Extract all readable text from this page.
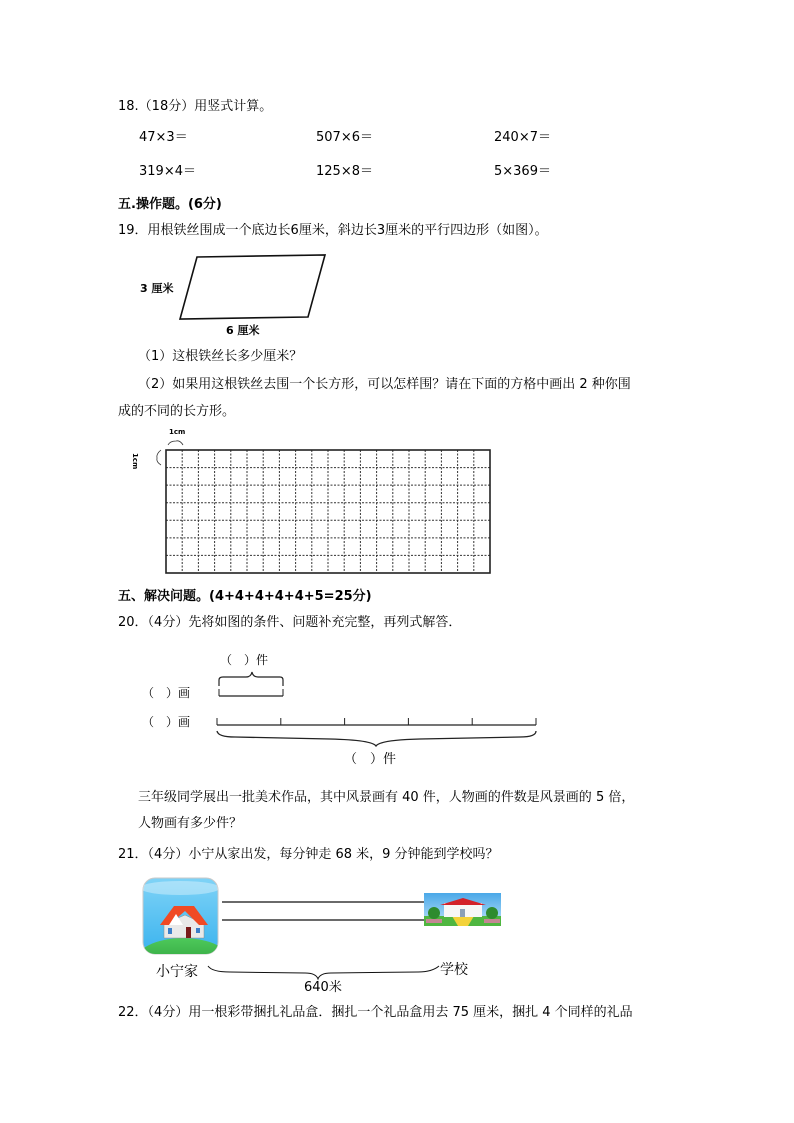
18.（18分）用竖式计算。
47×3＝	507×6＝	240×7＝
319×4＝	125×8＝	5×369＝
五.操作题。(6分)
19．用根铁丝围成一个底边长6厘米，斜边长3厘米的平行四边形（如图）。
3 厘米
6 厘米
（1）这根铁丝长多少厘米？
（2）如果用这根铁丝去围一个长方形，可以怎样围？请在下面的方格中画出 2 种你围
成的不同的长方形。
1cm
1cm
五、解决问题。(4+4+4+4+4+5=25分)
20．（4分）先将如图的条件、问题补充完整，再列式解答．
（　）件
（　）画
（　）画
（　）件
三年级同学展出一批美术作品，其中风景画有 40 件，人物画的件数是风景画的 5 倍，
人物画有多少件？
21．（4分）小宁从家出发，每分钟走 68 米，9 分钟能到学校吗？
小宁家	学校
640米
22．（4分）用一根彩带捆扎礼品盒．捆扎一个礼品盒用去 75 厘米，捆扎 4 个同样的礼品
